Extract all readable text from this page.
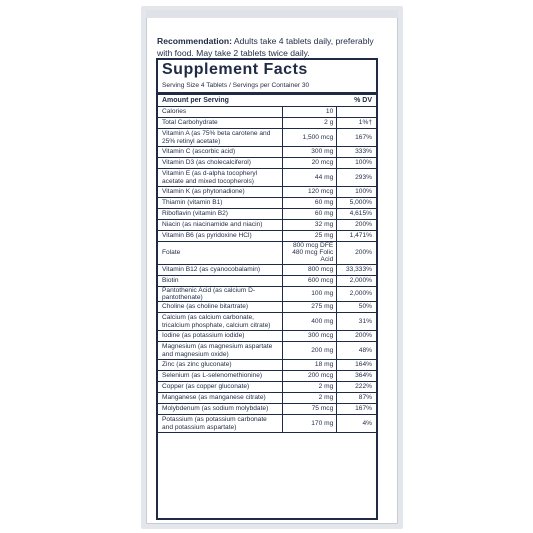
Recommendation: Adults take 4 tablets daily, preferably with food. May take 2 tablets twice daily.
Supplement Facts
Serving Size 4 Tablets / Servings per Container 30
Amount per Serving	% DV
Calories	10	
Total Carbohydrate	2 g	1%†
Vitamin A (as 75% beta carotene and 25% retinyl acetate)	1,500 mcg	167%
Vitamin C (ascorbic acid)	300 mg	333%
Vitamin D3 (as cholecalciferol)	20 mcg	100%
Vitamin E (as d-alpha tocopheryl acetate and mixed tocopherols)	44 mg	293%
Vitamin K (as phytonadione)	120 mcg	100%
Thiamin (vitamin B1)	60 mg	5,000%
Riboflavin (vitamin B2)	60 mg	4,615%
Niacin (as niacinamide and niacin)	32 mg	200%
Vitamin B6 (as pyridoxine HCl)	25 mg	1,471%
Folate	800 mcg DFE 480 mcg Folic Acid	200%
Vitamin B12 (as cyanocobalamin)	800 mcg	33,333%
Biotin	600 mcg	2,000%
Pantothenic Acid (as calcium D-pantothenate)	100 mg	2,000%
Choline (as choline bitartrate)	275 mg	50%
Calcium (as calcium carbonate, tricalcium phosphate, calcium citrate)	400 mg	31%
Iodine (as potassium iodide)	300 mcg	200%
Magnesium (as magnesium aspartate and magnesium oxide)	200 mg	48%
Zinc (as zinc gluconate)	18 mg	164%
Selenium (as L-selenomethionine)	200 mcg	364%
Copper (as copper gluconate)	2 mg	222%
Manganese (as manganese citrate)	2 mg	87%
Molybdenum (as sodium molybdate)	75 mcg	167%
Potassium (as potassium carbonate and potassium aspartate)	170 mg	4%
